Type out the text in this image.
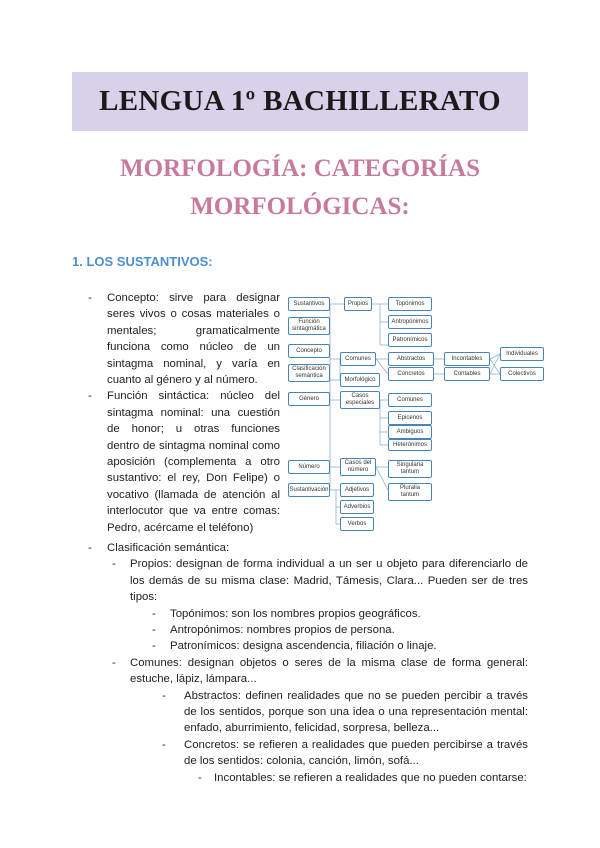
LENGUA 1º BACHILLERATO
MORFOLOGÍA: CATEGORÍAS
MORFOLÓGICAS:
1. LOS SUSTANTIVOS:
- Concepto: sirve para designar seres vivos o cosas materiales o mentales; gramaticalmente funciona como núcleo de un sintagma nominal, y varía en cuanto al género y al número.
- Función sintáctica: núcleo del sintagma nominal: una cuestión de honor; u otras funciones dentro de sintagma nominal como aposición (complementa a otro sustantivo: el rey, Don Felipe) o vocativo (llamada de atención al interlocutor que va entre comas: Pedro, acércame el teléfono)
Sustantivos
Función sintagmática
Concepto
Clasificación semántica
Género
Número
Sustantivación
Propios
Comunes
Morfológico
Casos especiales
Casos del número
Adjetivos
Adverbios
Verbos
Topónimos
Antropónimos
Patronímicos
Abstractos
Concretos
Comunes
Epicenos
Ambiguos
Heterónimos
Singularia tantum
Pluralia tantum
Incontables
Contables
Individuales
Colectivos
- Clasificación semántica:
- Propios: designan de forma individual a un ser u objeto para diferenciarlo de los demás de su misma clase: Madrid, Támesis, Clara... Pueden ser de tres tipos:
- Topónimos: son los nombres propios geográficos.
- Antropónimos: nombres propios de persona.
- Patronímicos: designa ascendencia, filiación o linaje.
- Comunes: designan objetos o seres de la misma clase de forma general: estuche, lápiz, lámpara...
- Abstractos: definen realidades que no se pueden percibir a través de los sentidos, porque son una idea o una representación mental: enfado, aburrimiento, felicidad, sorpresa, belleza...
- Concretos: se refieren a realidades que pueden percibirse a través de los sentidos: colonia, canción, limón, sofá...
- Incontables: se refieren a realidades que no pueden contarse:
